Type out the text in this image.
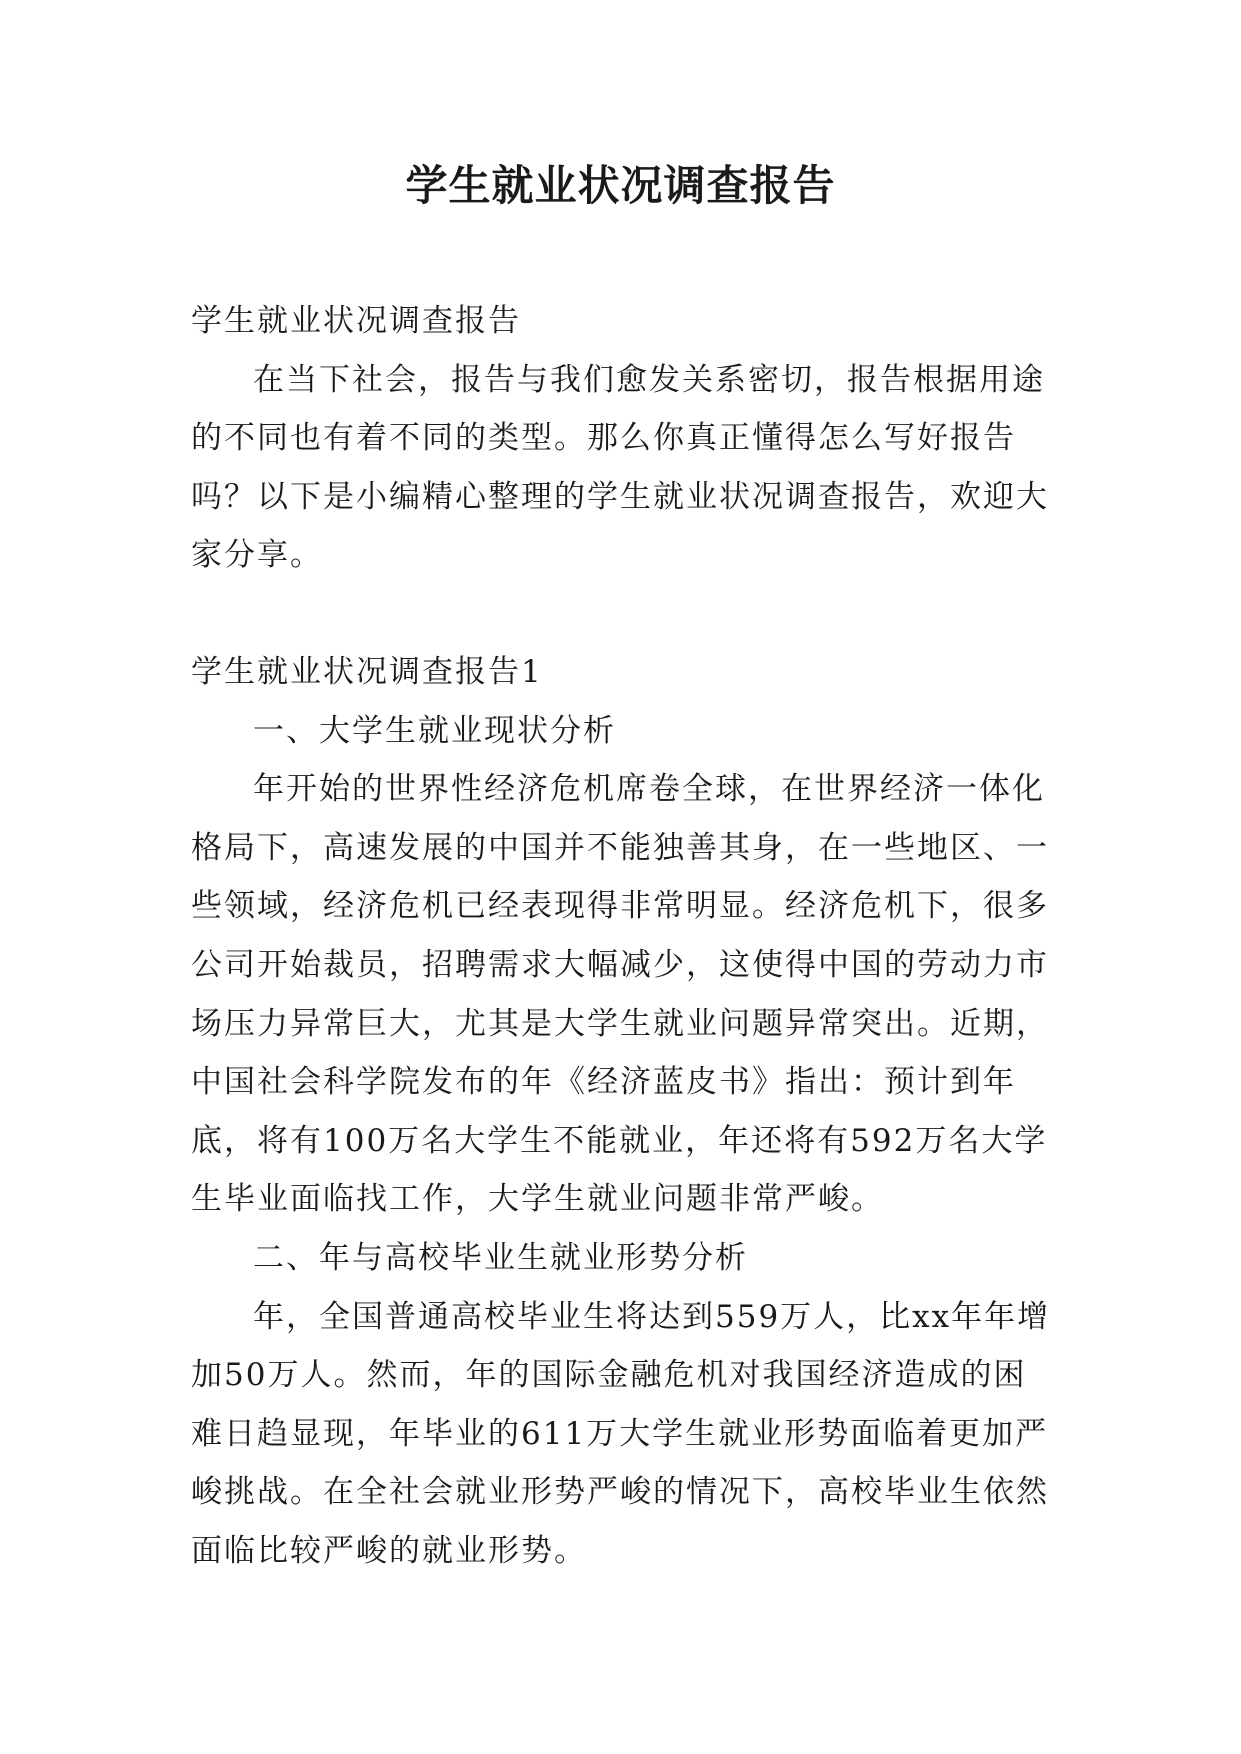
学生就业状况调查报告

学生就业状况调查报告

在当下社会，报告与我们愈发关系密切，报告根据用途的不同也有着不同的类型。那么你真正懂得怎么写好报告吗？以下是小编精心整理的学生就业状况调查报告，欢迎大家分享。

学生就业状况调查报告1

一、大学生就业现状分析

年开始的世界性经济危机席卷全球，在世界经济一体化格局下，高速发展的中国并不能独善其身，在一些地区、一些领域，经济危机已经表现得非常明显。经济危机下，很多公司开始裁员，招聘需求大幅减少，这使得中国的劳动力市场压力异常巨大，尤其是大学生就业问题异常突出。近期，中国社会科学院发布的年《经济蓝皮书》指出：预计到年底，将有100万名大学生不能就业，年还将有592万名大学生毕业面临找工作，大学生就业问题非常严峻。

二、年与高校毕业生就业形势分析

年，全国普通高校毕业生将达到559万人，比xx年年增加50万人。然而，年的国际金融危机对我国经济造成的困难日趋显现，年毕业的611万大学生就业形势面临着更加严峻挑战。在全社会就业形势严峻的情况下，高校毕业生依然面临比较严峻的就业形势。
